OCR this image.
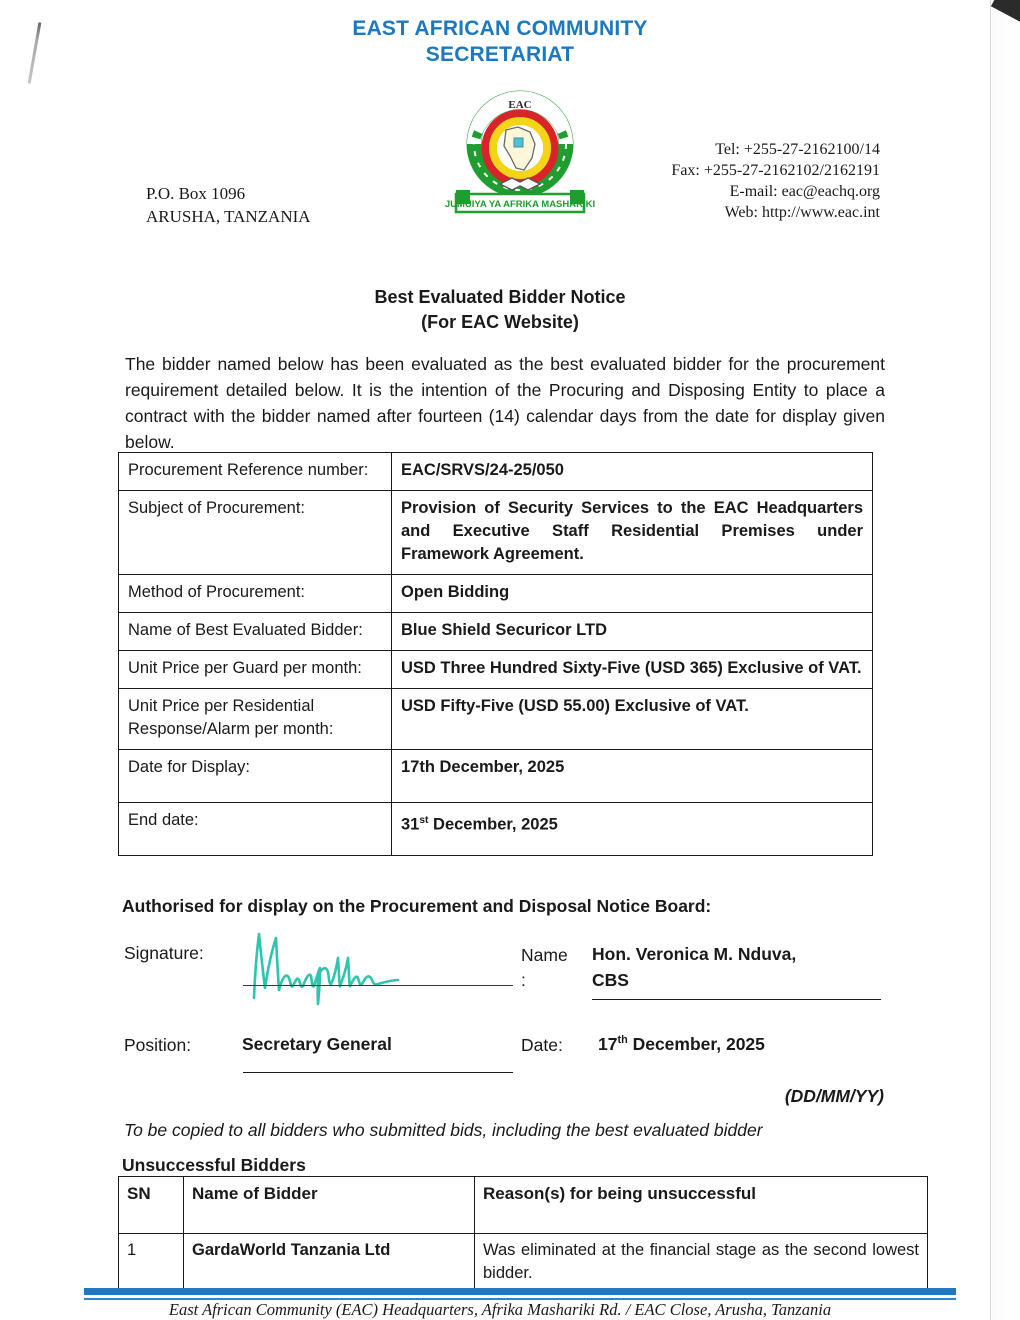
EAST AFRICAN COMMUNITY
SECRETARIAT
EAC
JUMUIYA YA AFRIKA MASHARIKI
P.O. Box 1096
ARUSHA, TANZANIA
Tel: +255-27-2162100/14
Fax: +255-27-2162102/2162191
E-mail: eac@eachq.org
Web: http://www.eac.int
Best Evaluated Bidder Notice
(For EAC Website)
The bidder named below has been evaluated as the best evaluated bidder for the procurement requirement detailed below. It is the intention of the Procuring and Disposing Entity to place a contract with the bidder named after fourteen (14) calendar days from the date for display given below.
Procurement Reference number:	EAC/SRVS/24-25/050
Subject of Procurement:	Provision of Security Services to the EAC Headquarters and Executive Staff Residential Premises under Framework Agreement.
Method of Procurement:	Open Bidding
Name of Best Evaluated Bidder:	Blue Shield Securicor LTD
Unit Price per Guard per month:	USD Three Hundred Sixty-Five (USD 365) Exclusive of VAT.
Unit Price per Residential Response/Alarm per month:	USD Fifty-Five (USD 55.00) Exclusive of VAT.
Date for Display:	17th December, 2025
End date:	31st December, 2025
Authorised for display on the Procurement and Disposal Notice Board:
Signature:	Name
:
Hon. Veronica M. Nduva,
CBS
Position:	Secretary General	Date: 17th December, 2025
(DD/MM/YY)
To be copied to all bidders who submitted bids, including the best evaluated bidder
Unsuccessful Bidders
SN	Name of Bidder	Reason(s) for being unsuccessful
1	GardaWorld Tanzania Ltd	Was eliminated at the financial stage as the second lowest bidder.
East African Community (EAC) Headquarters, Afrika Mashariki Rd. / EAC Close, Arusha, Tanzania
